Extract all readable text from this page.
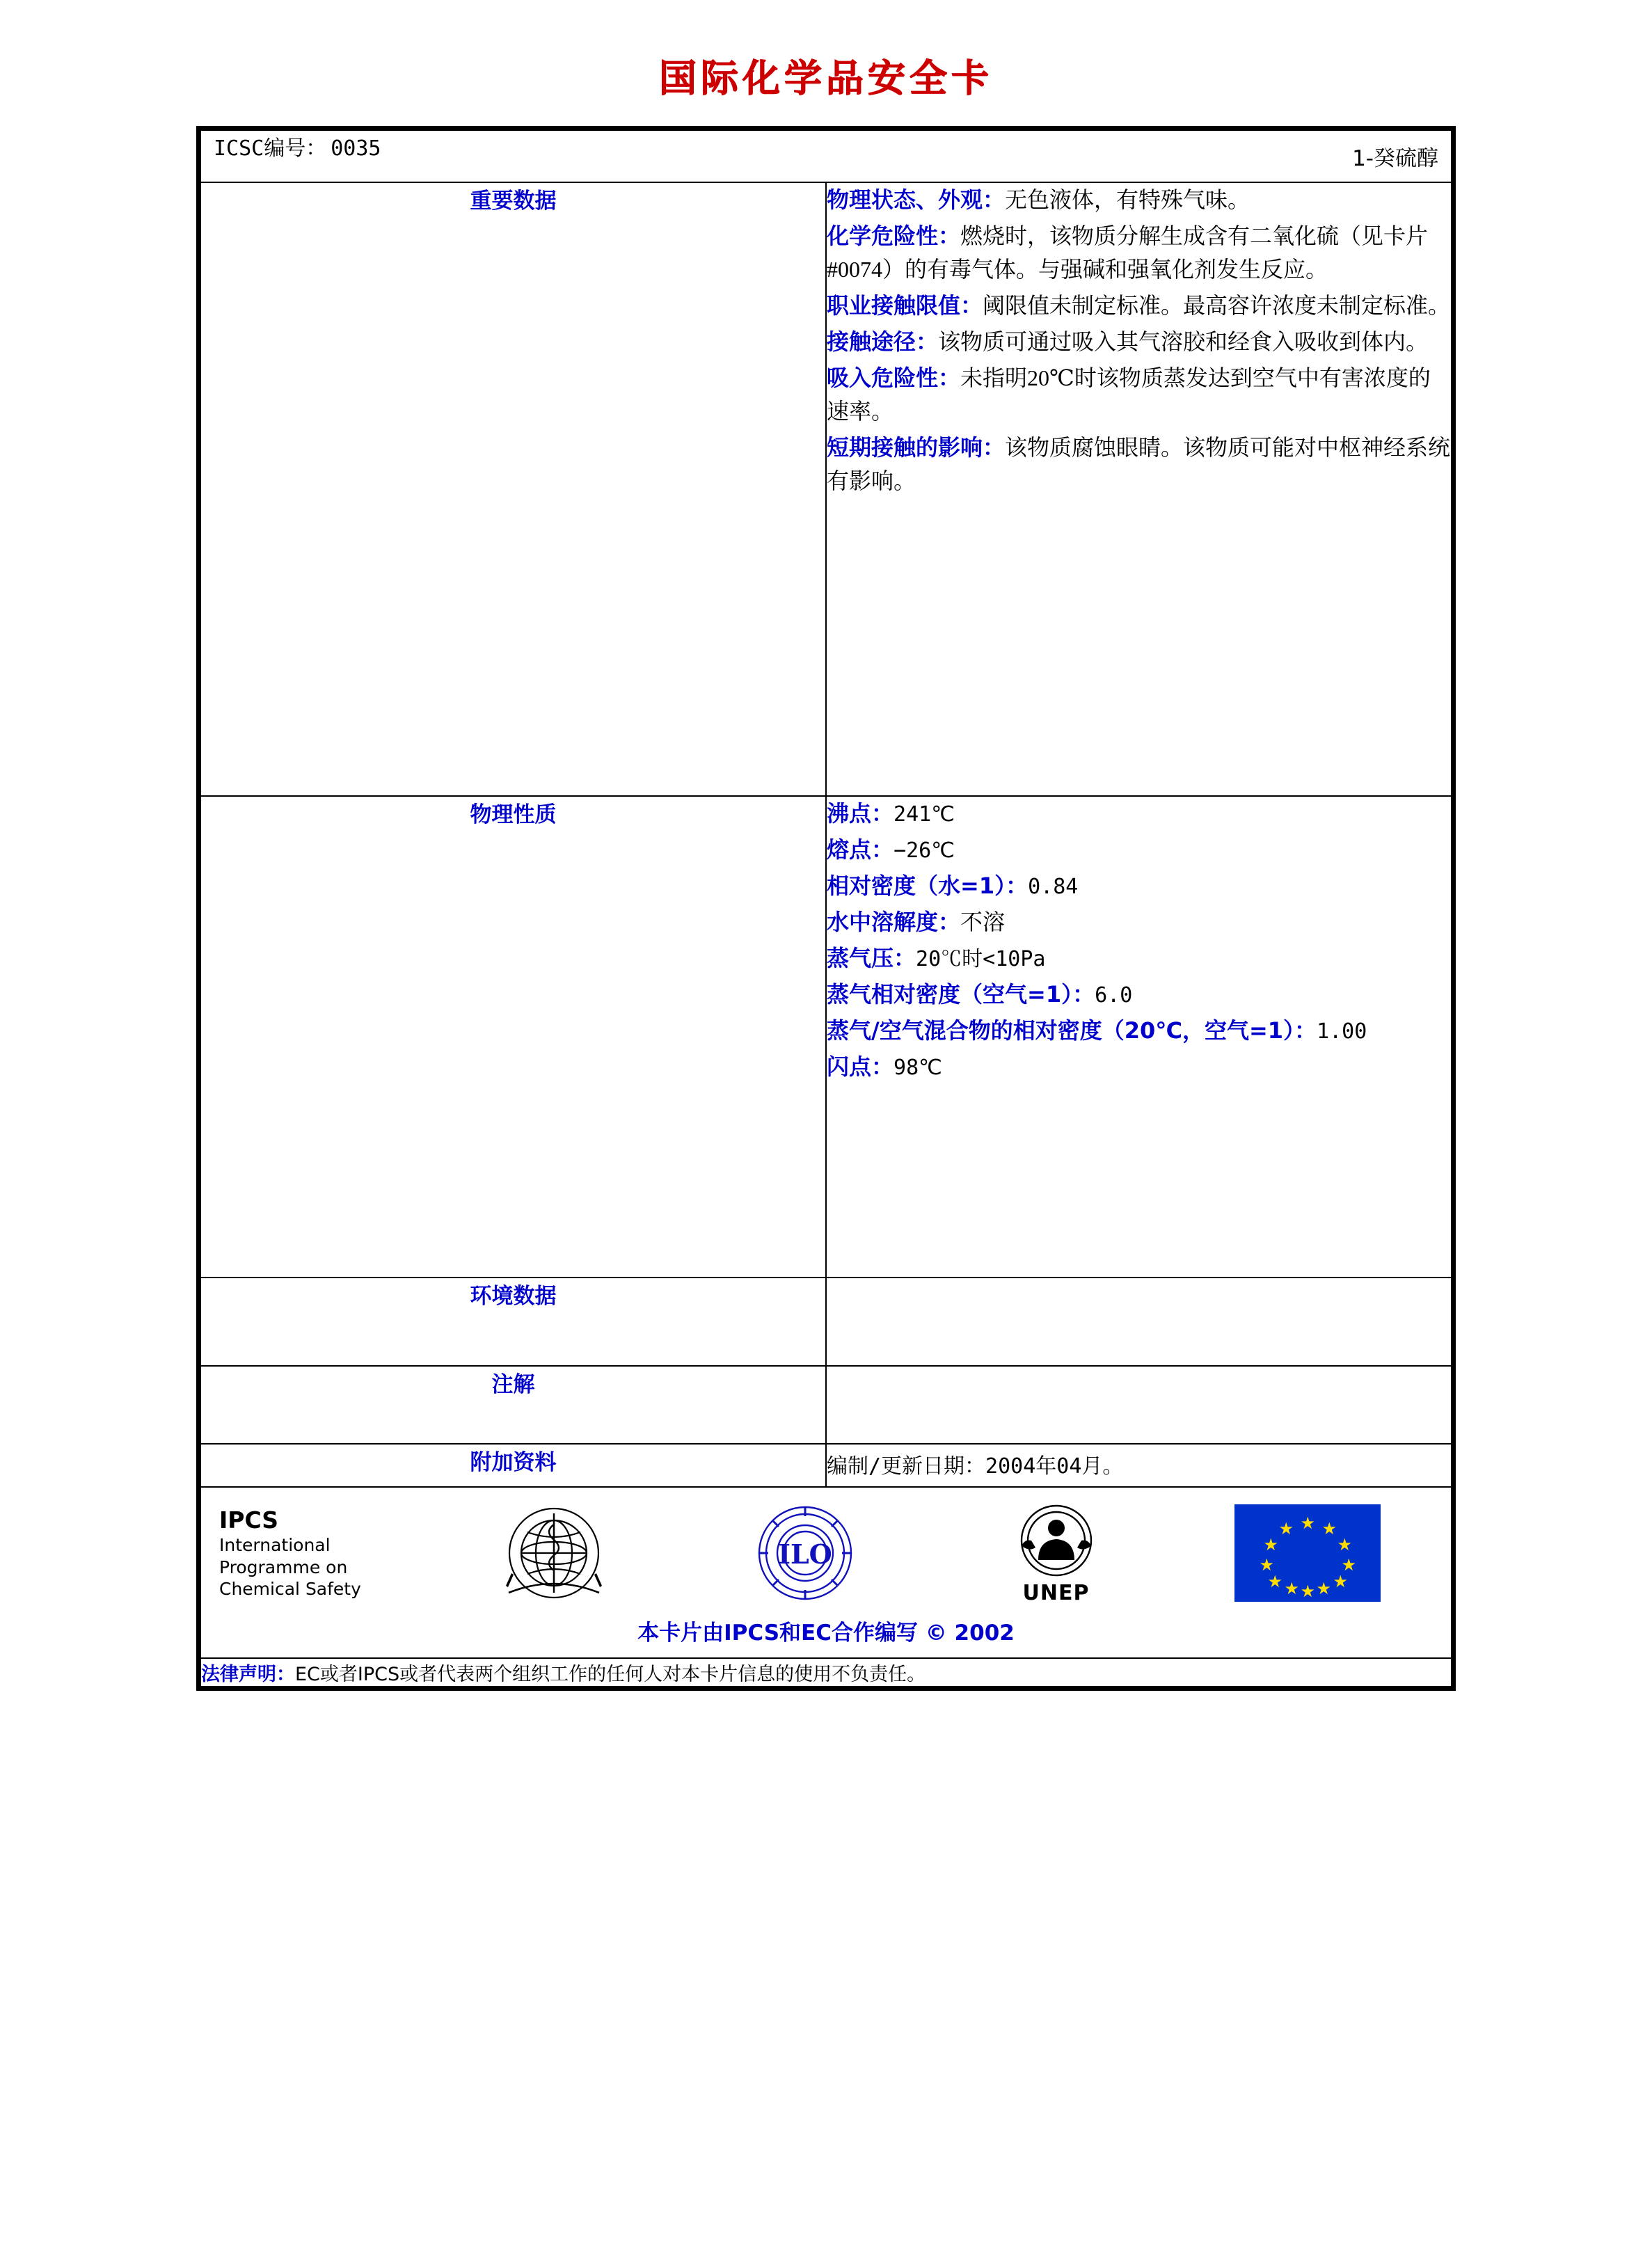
国际化学品安全卡
ICSC编号： 0035	1-癸硫醇

重要数据	物理状态、外观：无色液体，有特殊气味。

化学危险性：燃烧时，该物质分解生成含有二氧化硫（见卡片#0074）的有毒气体。与强碱和强氧化剂发生反应。

职业接触限值：阈限值未制定标准。最高容许浓度未制定标准。

接触途径：该物质可通过吸入其气溶胶和经食入吸收到体内。

吸入危险性：未指明20℃时该物质蒸发达到空气中有害浓度的速率。

短期接触的影响：该物质腐蚀眼睛。该物质可能对中枢神经系统有影响。

物理性质	沸点：241℃

熔点：−26℃

相对密度（水=1）：0.84

水中溶解度：不溶

蒸气压：20℃时<10Pa

蒸气相对密度（空气=1）：6.0

蒸气/空气混合物的相对密度（20℃，空气=1）：1.00

闪点：98℃

环境数据	
注解	
附加资料	编制/更新日期：2004年04月。

IPCS
International
Programme on
Chemical Safety
ILO
UNEP
★
★ ★
★	★
★	★
★	★
★ ★
★
本卡片由IPCS和EC合作编写 © 2002

法律声明：EC或者IPCS或者代表两个组织工作的任何人对本卡片信息的使用不负责任。
